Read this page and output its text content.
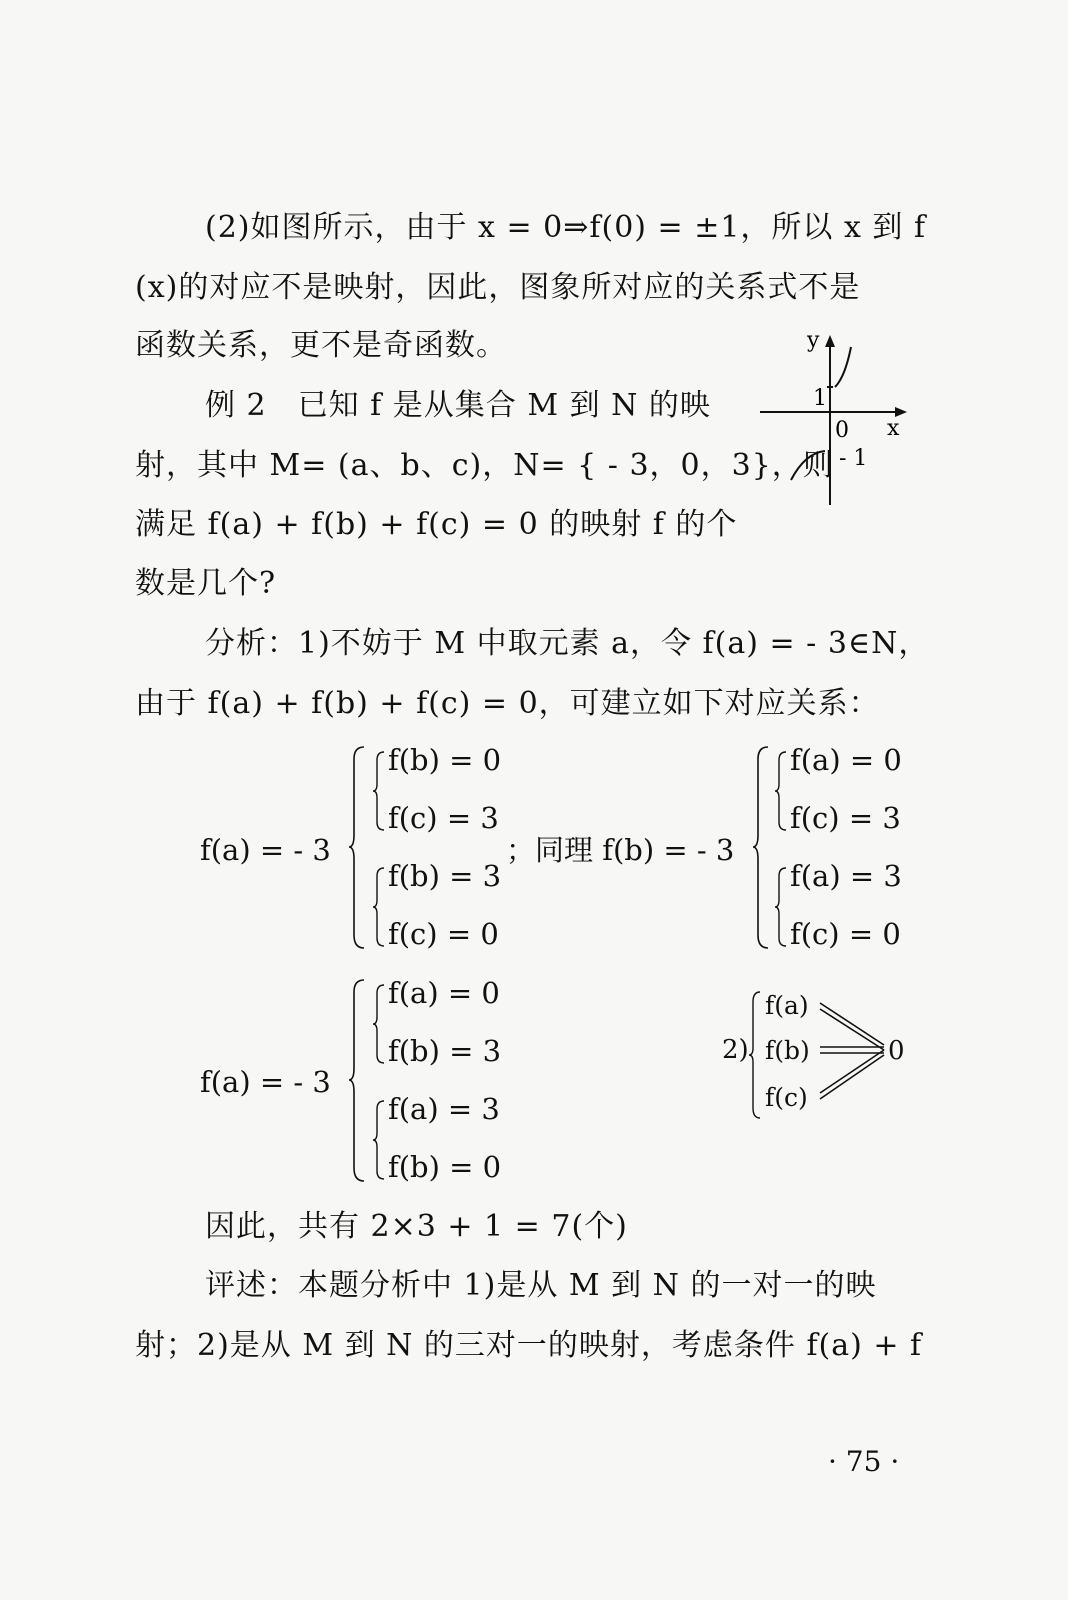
(2)如图所示，由于 x = 0⇒f(0) = ±1，所以 x 到 f
(x)的对应不是映射，因此，图象所对应的关系式不是
函数关系，更不是奇函数。	y
x
0
1
- 1
例 2　已知 f 是从集合 M 到 N 的映
射，其中 M= (a、b、c)，N= { - 3，0，3}，则
满足 f(a) + f(b) + f(c) = 0 的映射 f 的个
数是几个?
分析：1)不妨于 M 中取元素 a，令 f(a) = - 3∈N，
由于 f(a) + f(b) + f(c) = 0，可建立如下对应关系：
f(a) = - 3
f(b) = 0
f(c) = 3
f(b) = 3
f(c) = 0
；同理 f(b) = - 3
f(a) = 0
f(c) = 3
f(a) = 3
f(c) = 0
f(a) = - 3
f(a) = 0
f(b) = 3
f(a) = 3
f(b) = 0
2)
f(a)
f(b)
f(c)
0
因此，共有 2×3 + 1 = 7(个)
评述：本题分析中 1)是从 M 到 N 的一对一的映
射；2)是从 M 到 N 的三对一的映射，考虑条件 f(a) + f
· 75 ·
